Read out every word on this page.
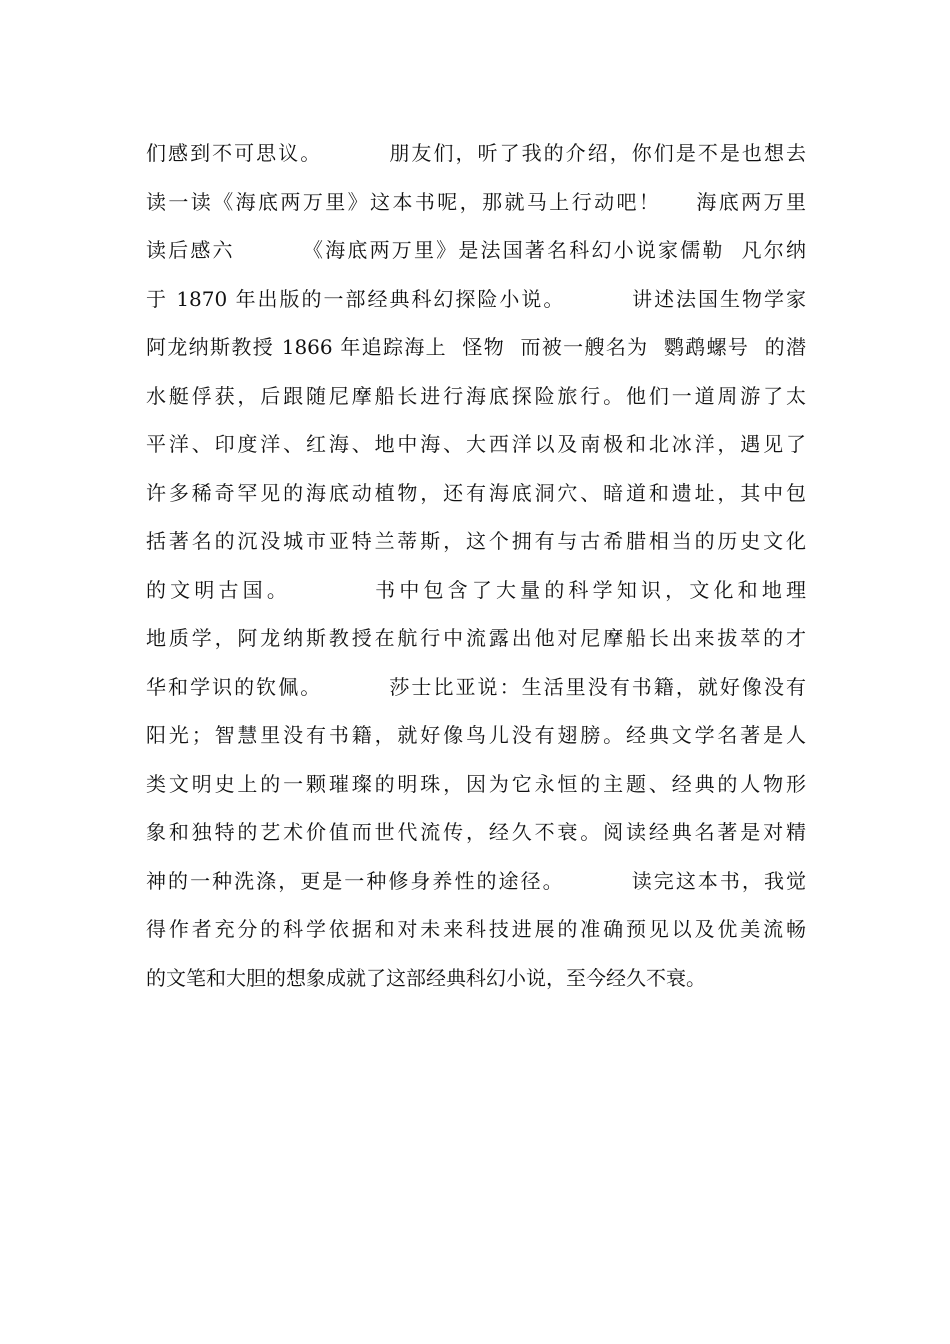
们感到不可思议。        朋友们，听了我的介绍，你们是不是也想去
读一读《海底两万里》这本书呢，那就马上行动吧！    海底两万里
读后感六        《海底两万里》是法国著名科幻小说家儒勒  凡尔纳
于 1870 年出版的一部经典科幻探险小说。        讲述法国生物学家
阿龙纳斯教授 1866 年追踪海上  怪物  而被一艘名为  鹦鹉螺号  的潜
水艇俘获，后跟随尼摩船长进行海底探险旅行。他们一道周游了太
平洋、印度洋、红海、地中海、大西洋以及南极和北冰洋，遇见了
许多稀奇罕见的海底动植物，还有海底洞穴、暗道和遗址，其中包
括著名的沉没城市亚特兰蒂斯，这个拥有与古希腊相当的历史文化
的文明古国。        书中包含了大量的科学知识，文化和地理
地质学，阿龙纳斯教授在航行中流露出他对尼摩船长出来拔萃的才
华和学识的钦佩。        莎士比亚说：生活里没有书籍，就好像没有
阳光；智慧里没有书籍，就好像鸟儿没有翅膀。经典文学名著是人
类文明史上的一颗璀璨的明珠，因为它永恒的主题、经典的人物形
象和独特的艺术价值而世代流传，经久不衰。阅读经典名著是对精
神的一种洗涤，更是一种修身养性的途径。        读完这本书，我觉
得作者充分的科学依据和对未来科技进展的准确预见以及优美流畅
的文笔和大胆的想象成就了这部经典科幻小说，至今经久不衰。
